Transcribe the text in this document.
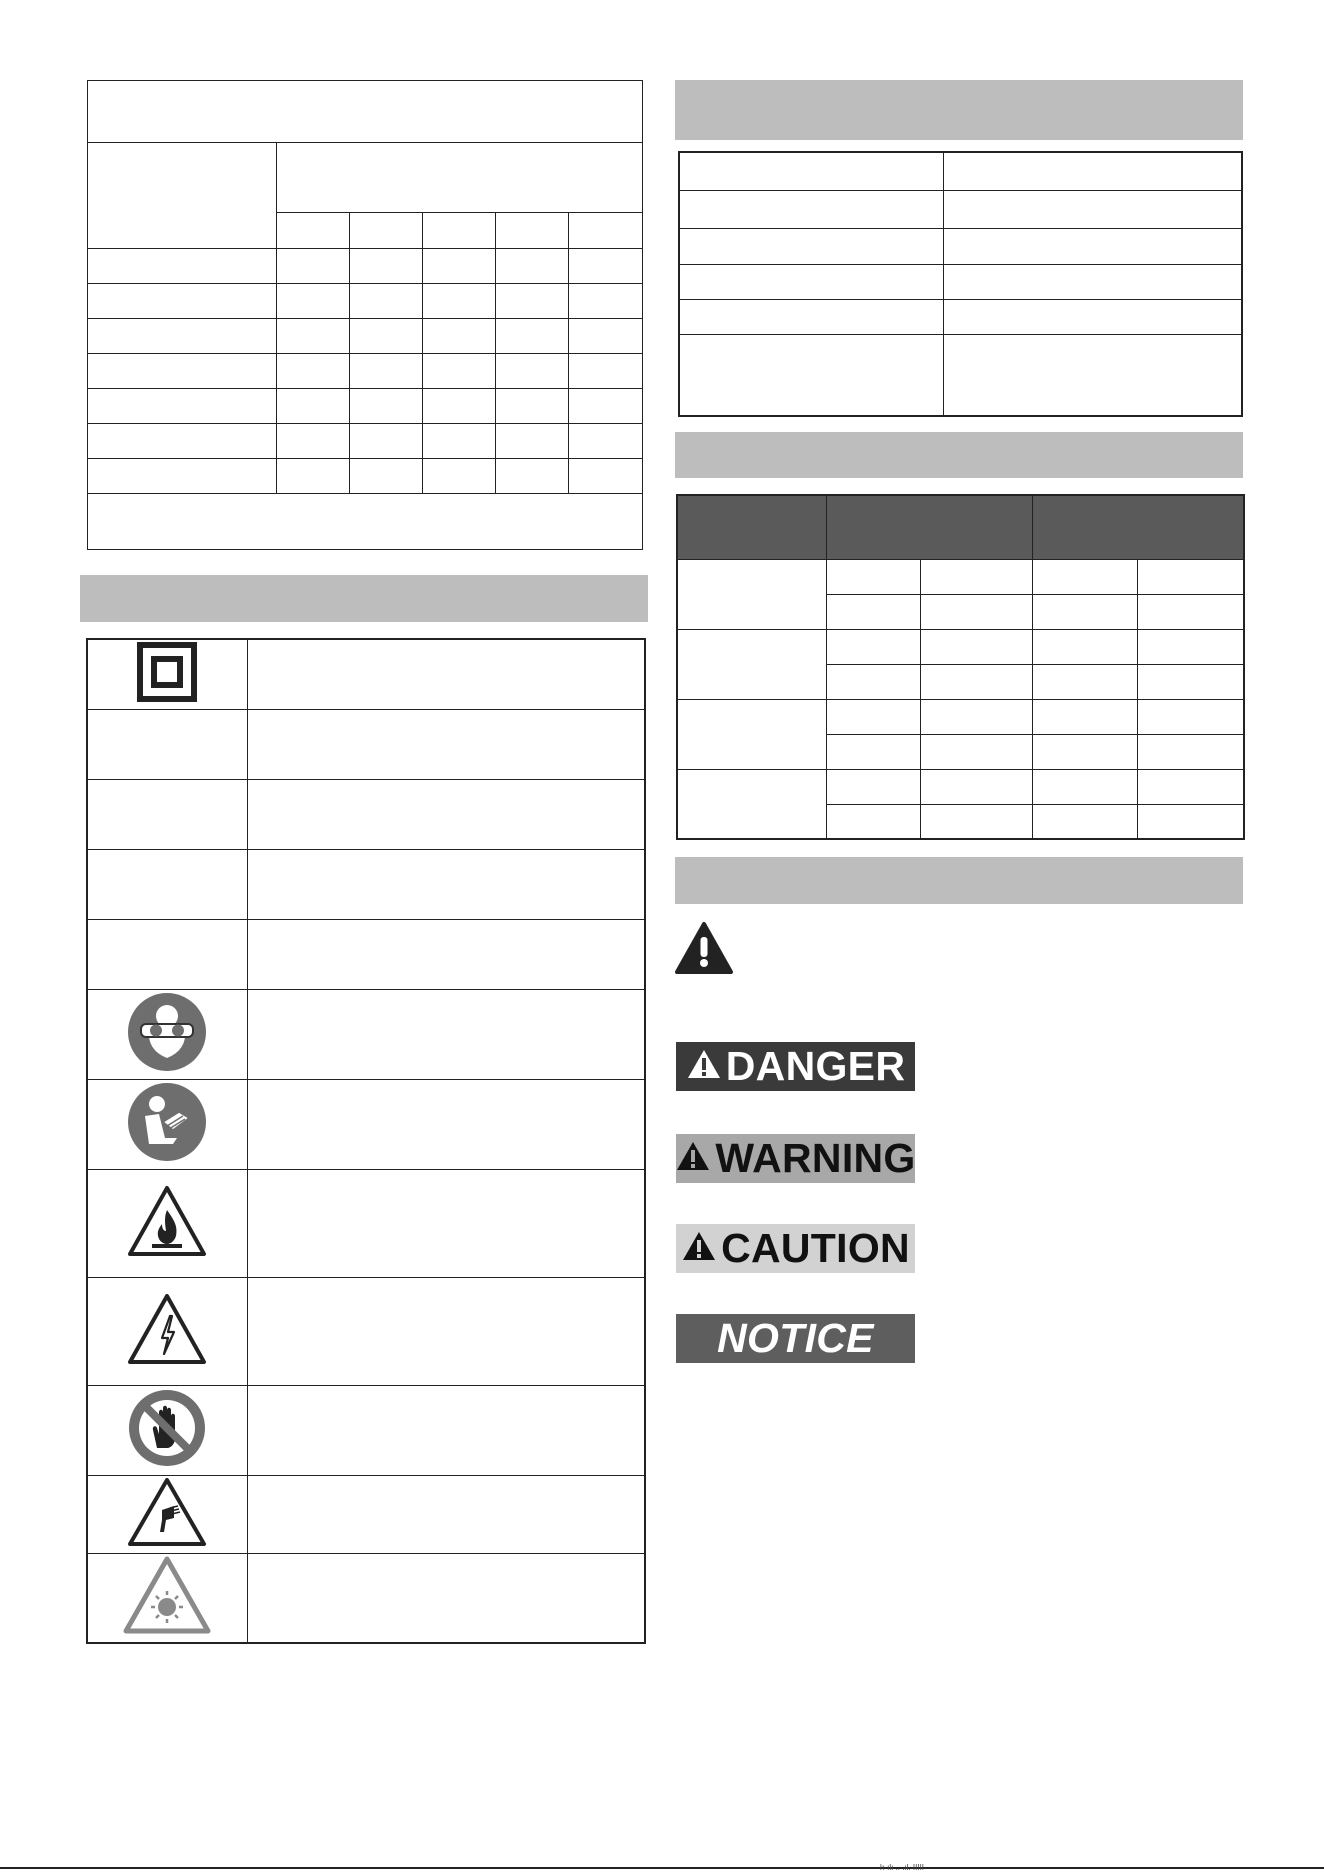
DANGER
WARNING
CAUTION
NOTICE
ŀı ılı .. .ıl. ÌÌÌÌÌ
